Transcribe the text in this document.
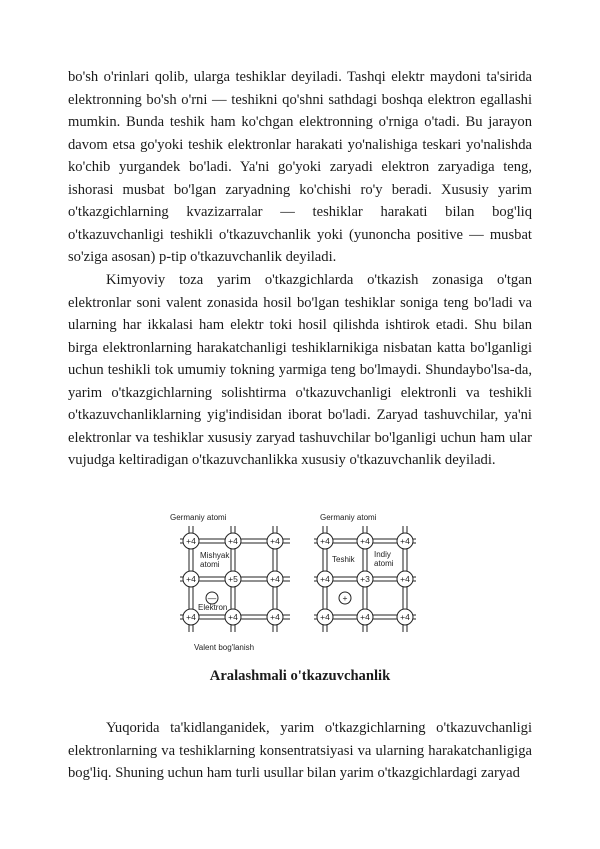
bo'sh o'rinlari qolib, ularga teshiklar deyiladi. Tashqi elektr maydoni ta'sirida elektronning bo'sh o'rni — teshikni qo'shni sathdagi boshqa elektron egallashi mumkin. Bunda teshik ham ko'chgan elektronning o'rniga o'tadi. Bu jarayon davom etsa go'yoki teshik elektronlar harakati yo'nalishiga teskari yo'nalishda ko'chib yurgandek bo'ladi. Ya'ni go'yoki zaryadi elektron zaryadiga teng, ishorasi musbat bo'lgan zaryadning ko'chishi ro'y beradi. Xususiy yarim o'tkazgichlarning kvazizarralar — teshiklar harakati bilan bog'liq o'tkazuvchanligi teshikli o'tkazuvchanlik yoki (yunoncha positive — musbat so'ziga asosan) p-tip o'tkazuvchanlik deyiladi.

Kimyoviy toza yarim o'tkazgichlarda o'tkazish zonasiga o'tgan elektronlar soni valent zonasida hosil bo'lgan teshiklar soniga teng bo'ladi va ularning har ikkalasi ham elektr toki hosil qilishda ishtirok etadi. Shu bilan birga elektronlarning harakatchanligi teshiklarnikiga nisbatan katta bo'lganligi uchun teshikli tok umumiy tokning yarmiga teng bo'lmaydi. Shundaybo'lsa-da, yarim o'tkazgichlarning solishtirma o'tkazuvchanligi elektronli va teshikli o'tkazuvchanliklarning yig'indisidan iborat bo'ladi. Zaryad tashuvchilar, ya'ni elektronlar va teshiklar xususiy zaryad tashuvchilar bo'lganligi uchun ham ular vujudga keltiradigan o'tkazuvchanlikka xususiy o'tkazuvchanlik deyiladi.

+4	+4	+4
+4	+5	+4
+4	+4	+4
—
Germaniy atomi
Mishyak
atomi
Elektron
Valent bog'lanish
+4	+4	+4
+4	+3	+4
+4	+4	+4
+
Germaniy atomi
Teshik
Indiy
atomi
Aralashmali o'tkazuvchanlik

Yuqorida ta'kidlanganidek, yarim o'tkazgichlarning o'tkazuvchanligi elektronlarning va teshiklarning konsentratsiyasi va ularning harakatchanligiga bog'liq. Shuning uchun ham turli usullar bilan yarim o'tkazgichlardagi zaryad
